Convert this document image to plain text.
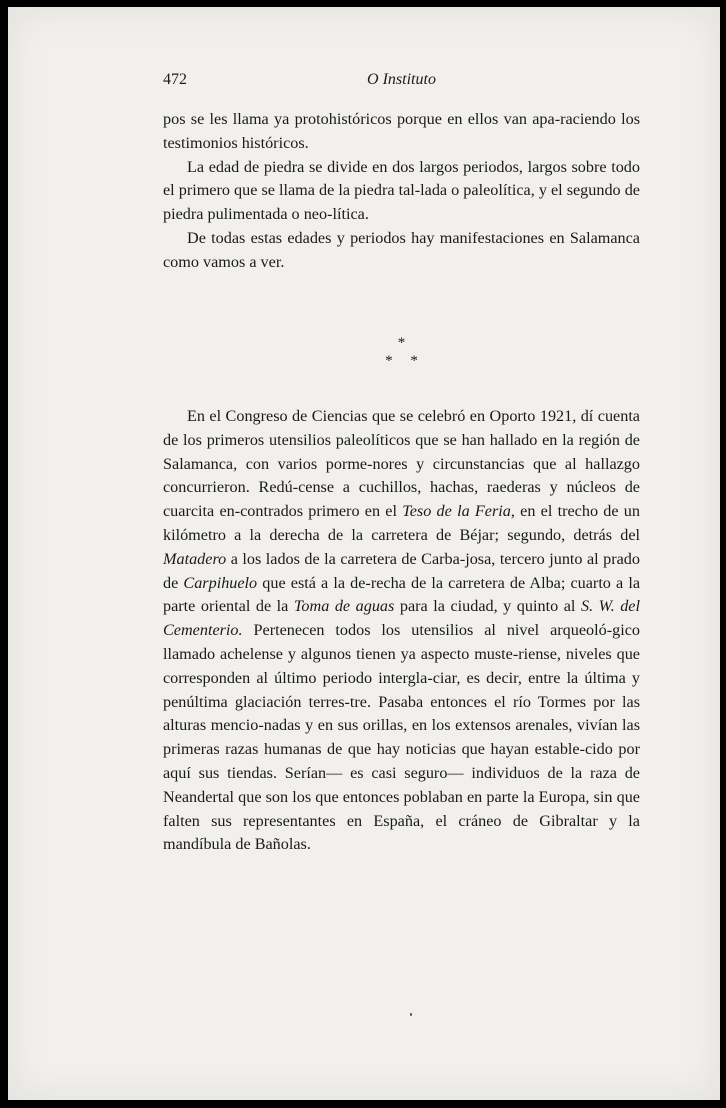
472	O Instituto

pos se les llama ya protohistóricos porque en ellos van apa-raciendo los testimonios históricos.

La edad de piedra se divide en dos largos periodos, largos sobre todo el primero que se llama de la piedra tal-lada o paleolítica, y el segundo de piedra pulimentada o neo-lítica.

De todas estas edades y periodos hay manifestaciones en Salamanca como vamos a ver.

*
* *

En el Congreso de Ciencias que se celebró en Oporto 1921, dí cuenta de los primeros utensilios paleolíticos que se han hallado en la región de Salamanca, con varios porme-nores y circunstancias que al hallazgo concurrieron. Redú-cense a cuchillos, hachas, raederas y núcleos de cuarcita en-contrados primero en el Teso de la Feria, en el trecho de un kilómetro a la derecha de la carretera de Béjar; segundo, detrás del Matadero a los lados de la carretera de Carba-josa, tercero junto al prado de Carpihuelo que está a la de-recha de la carretera de Alba; cuarto a la parte oriental de la Toma de aguas para la ciudad, y quinto al S. W. del Cementerio. Pertenecen todos los utensilios al nivel arqueoló-gico llamado achelense y algunos tienen ya aspecto muste-riense, niveles que corresponden al último periodo intergla-ciar, es decir, entre la última y penúltima glaciación terres-tre. Pasaba entonces el río Tormes por las alturas mencio-nadas y en sus orillas, en los extensos arenales, vivían las primeras razas humanas de que hay noticias que hayan estable-cido por aquí sus tiendas. Serían— es casi seguro— individuos de la raza de Neandertal que son los que entonces poblaban en parte la Europa, sin que falten sus representantes en España, el cráneo de Gibraltar y la mandíbula de Bañolas.
